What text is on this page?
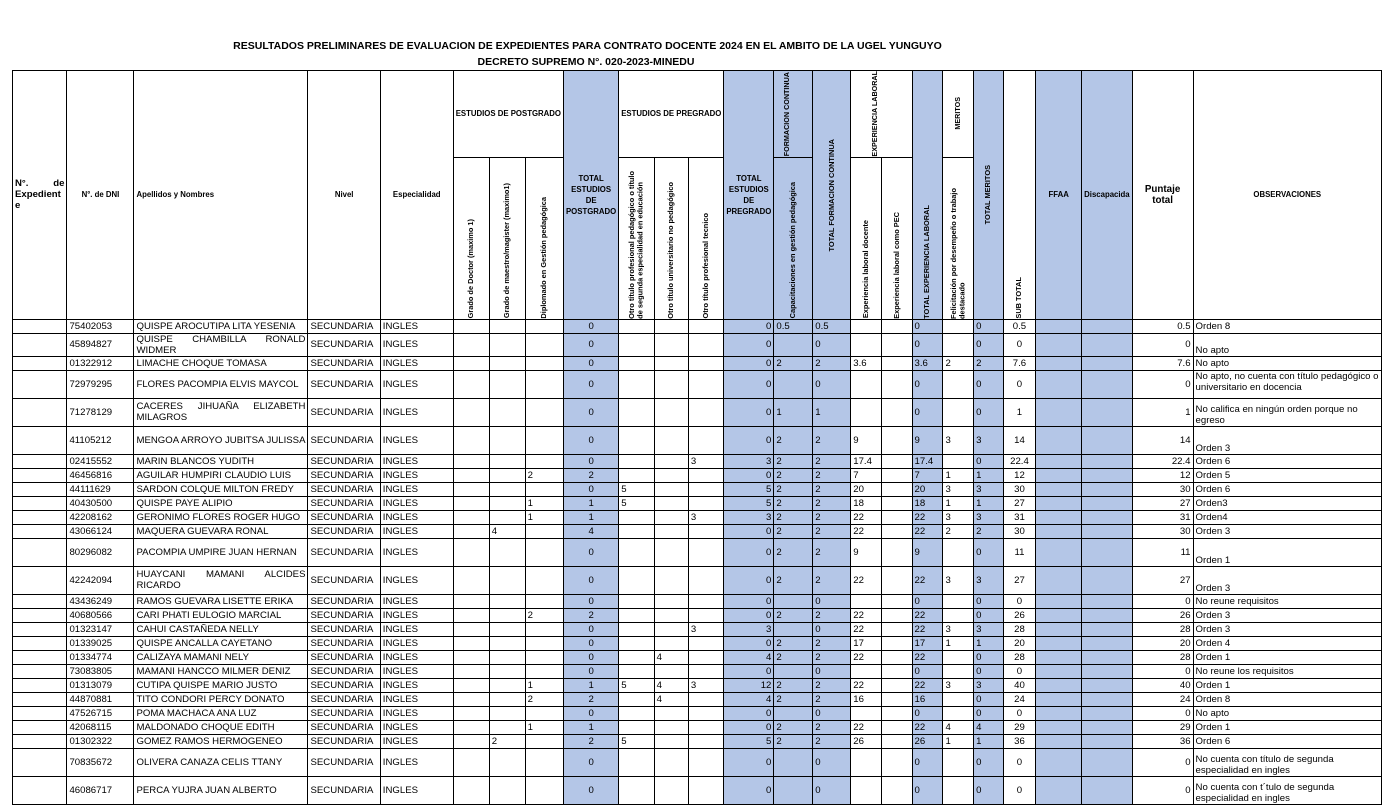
RESULTADOS PRELIMINARES DE EVALUACION DE EXPEDIENTES PARA CONTRATO DOCENTE 2024 EN EL AMBITO DE LA UGEL YUNGUYO
DECRETO SUPREMO N°. 020-2023-MINEDU
N°. de
Expedient
e	N°. de DNI	Apellidos y Nombres	Nivel	Especialidad	ESTUDIOS DE POSTGRADO			TOTAL ESTUDIOS DE POSTGRADO	ESTUDIOS DE PREGRADO			TOTAL ESTUDIOS DE PREGRADO	FORMACION CONTINUA	TOTAL FORMACION CONTINUA	EXPERIENCIA LABORAL		TOTAL EXPERIENCIA LABORAL	MERITOS	TOTAL MERITOS	SUB TOTAL	FFAA	Discapacida	Puntaje total	OBSERVACIONES

					Grado de Doctor (maximo 1)	Grado de maestro/magister (maximo1)	Diplomado en Gestión pedagógica		Otro título profesional pedagógico o título
de segunda especialidad en educación	Otro título universitario no pedagógico	Otro título profesional tecnico		Capacitaciones en gestión pedagógica		Experiencia laboral docente	Experiencia laboral como PEC		Felicitación por desempeño o trabajo
destacado						

	75402053	QUISPE AROCUTIPA LITA YESENIA	SECUNDARIA	INGLES				0				0	0.5	0.5			0		0	0.5			0.5	Orden 8
	45894827	QUISPE CHAMBILLA RONALD WIDMER	SECUNDARIA	INGLES				0				0		0			0		0	0			0	No apto
	01322912	LIMACHE CHOQUE TOMASA	SECUNDARIA	INGLES				0				0	2	2	3.6		3.6	2	2	7.6			7.6	No apto
	72979295	FLORES PACOMPIA ELVIS MAYCOL	SECUNDARIA	INGLES				0				0		0			0		0	0			0	No apto, no cuenta con título pedagógico o universitario en docencia
	71278129	CACERES JIHUAÑA ELIZABETH MILAGROS	SECUNDARIA	INGLES				0				0	1	1			0		0	1			1	No califica en ningún orden porque no egreso
	41105212	MENGOA ARROYO JUBITSA JULISSA	SECUNDARIA	INGLES				0				0	2	2	9		9	3	3	14			14	Orden 3
	02415552	MARIN BLANCOS YUDITH	SECUNDARIA	INGLES				0			3	3	2	2	17.4		17.4		0	22.4			22.4	Orden 6
	46456816	AGUILAR HUMPIRI CLAUDIO LUIS	SECUNDARIA	INGLES			2	2				0	2	2	7		7	1	1	12			12	Orden 5
	44111629	SARDON COLQUE MILTON FREDY	SECUNDARIA	INGLES				0	5			5	2	2	20		20	3	3	30			30	Orden 6
	40430500	QUISPE PAYE ALIPIO	SECUNDARIA	INGLES			1	1	5			5	2	2	18		18	1	1	27			27	Orden3
	42208162	GERONIMO FLORES ROGER HUGO	SECUNDARIA	INGLES			1	1			3	3	2	2	22		22	3	3	31			31	Orden4
	43066124	MAQUERA GUEVARA RONAL	SECUNDARIA	INGLES		4		4				0	2	2	22		22	2	2	30			30	Orden 3
	80296082	PACOMPIA UMPIRE JUAN HERNAN	SECUNDARIA	INGLES				0				0	2	2	9		9		0	11			11	Orden 1
	42242094	HUAYCANI MAMANI ALCIDES RICARDO	SECUNDARIA	INGLES				0				0	2	2	22		22	3	3	27			27	Orden 3
	43436249	RAMOS GUEVARA LISETTE ERIKA	SECUNDARIA	INGLES				0				0		0			0		0	0			0	No reune requisitos
	40680566	CARI PHATI EULOGIO MARCIAL	SECUNDARIA	INGLES			2	2				0	2	2	22		22		0	26			26	Orden 3
	01323147	CAHUI CASTAÑEDA NELLY	SECUNDARIA	INGLES				0			3	3		0	22		22	3	3	28			28	Orden 3
	01339025	QUISPE ANCALLA CAYETANO	SECUNDARIA	INGLES				0				0	2	2	17		17	1	1	20			20	Orden 4
	01334774	CALIZAYA MAMANI NELY	SECUNDARIA	INGLES				0		4		4	2	2	22		22		0	28			28	Orden 1
	73083805	MAMANI HANCCO MILMER DENIZ	SECUNDARIA	INGLES				0				0		0			0		0	0			0	No reune los requisitos
	01313079	CUTIPA QUISPE MARIO JUSTO	SECUNDARIA	INGLES			1	1	5	4	3	12	2	2	22		22	3	3	40			40	Orden 1
	44870881	TITO CONDORI PERCY DONATO	SECUNDARIA	INGLES			2	2		4		4	2	2	16		16		0	24			24	Orden 8
	47526715	POMA MACHACA ANA LUZ	SECUNDARIA	INGLES				0				0		0			0		0	0			0	No apto
	42068115	MALDONADO CHOQUE EDITH	SECUNDARIA	INGLES			1	1				0	2	2	22		22	4	4	29			29	Orden 1
	01302322	GOMEZ RAMOS HERMOGENEO	SECUNDARIA	INGLES		2		2	5			5	2	2	26		26	1	1	36			36	Orden 6
	70835672	OLIVERA CANAZA CELIS TTANY	SECUNDARIA	INGLES				0				0		0			0		0	0			0	No cuenta con título de segunda especialidad en ingles
	46086717	PERCA YUJRA JUAN ALBERTO	SECUNDARIA	INGLES				0				0		0			0		0	0			0	No cuenta con t´tulo de segunda especialidad en ingles
